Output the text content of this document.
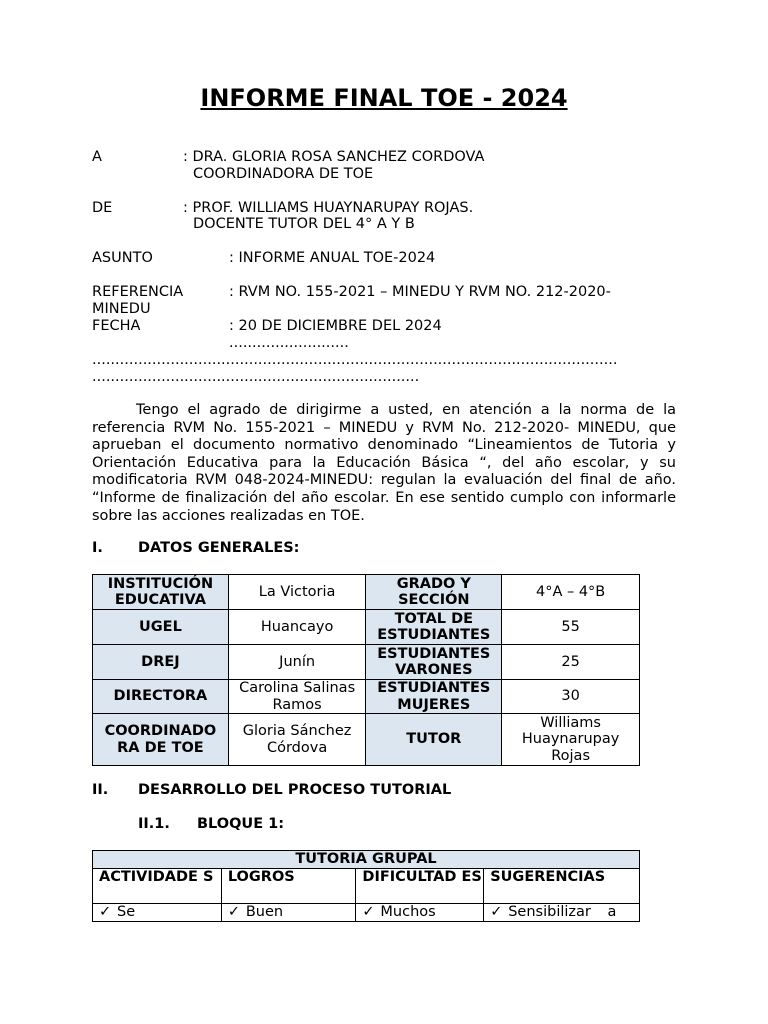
INFORME FINAL TOE - 2024
A	: DRA. GLORIA ROSA SANCHEZ CORDOVA
COORDINADORA DE TOE
DE	: PROF. WILLIAMS HUAYNARUPAY ROJAS.
DOCENTE TUTOR DEL 4° A Y B
ASUNTO	: INFORME ANUAL TOE-2024
REFERENCIA	: RVM NO. 155-2021 – MINEDU Y RVM NO. 212-2020-
MINEDU
FECHA	: 20 DE DICIEMBRE DEL 2024
..........................
..................................................................................................................
.......................................................................
Tengo el agrado de dirigirme a usted, en atención a la norma de la referencia RVM No. 155-2021 – MINEDU y RVM No. 212-2020- MINEDU, que aprueban el documento normativo denominado “Lineamientos de Tutoria y Orientación Educativa para la Educación Básica “, del año escolar, y su modificatoria RVM 048-2024-MINEDU: regulan la evaluación del final de año. “Informe de finalización del año escolar. En ese sentido cumplo con informarle sobre las acciones realizadas en TOE.
I. DATOS GENERALES:
INSTITUCIÓN EDUCATIVA	La Victoria	GRADO Y SECCIÓN	4°A – 4°B
UGEL	Huancayo	TOTAL DE ESTUDIANTES	55
DREJ	Junín	ESTUDIANTES VARONES	25
DIRECTORA	Carolina Salinas Ramos	ESTUDIANTES MUJERES	30
COORDINADO RA DE TOE	Gloria Sánchez Córdova	TUTOR	Williams Huaynarupay Rojas
II. DESARROLLO DEL PROCESO TUTORIAL
II.1. BLOQUE 1:
TUTORIA GRUPAL			
ACTIVIDADE S	LOGROS	DIFICULTAD ES	SUGERENCIAS
✓ Se	✓ Buen	✓ Muchos	✓ Sensibilizar a
